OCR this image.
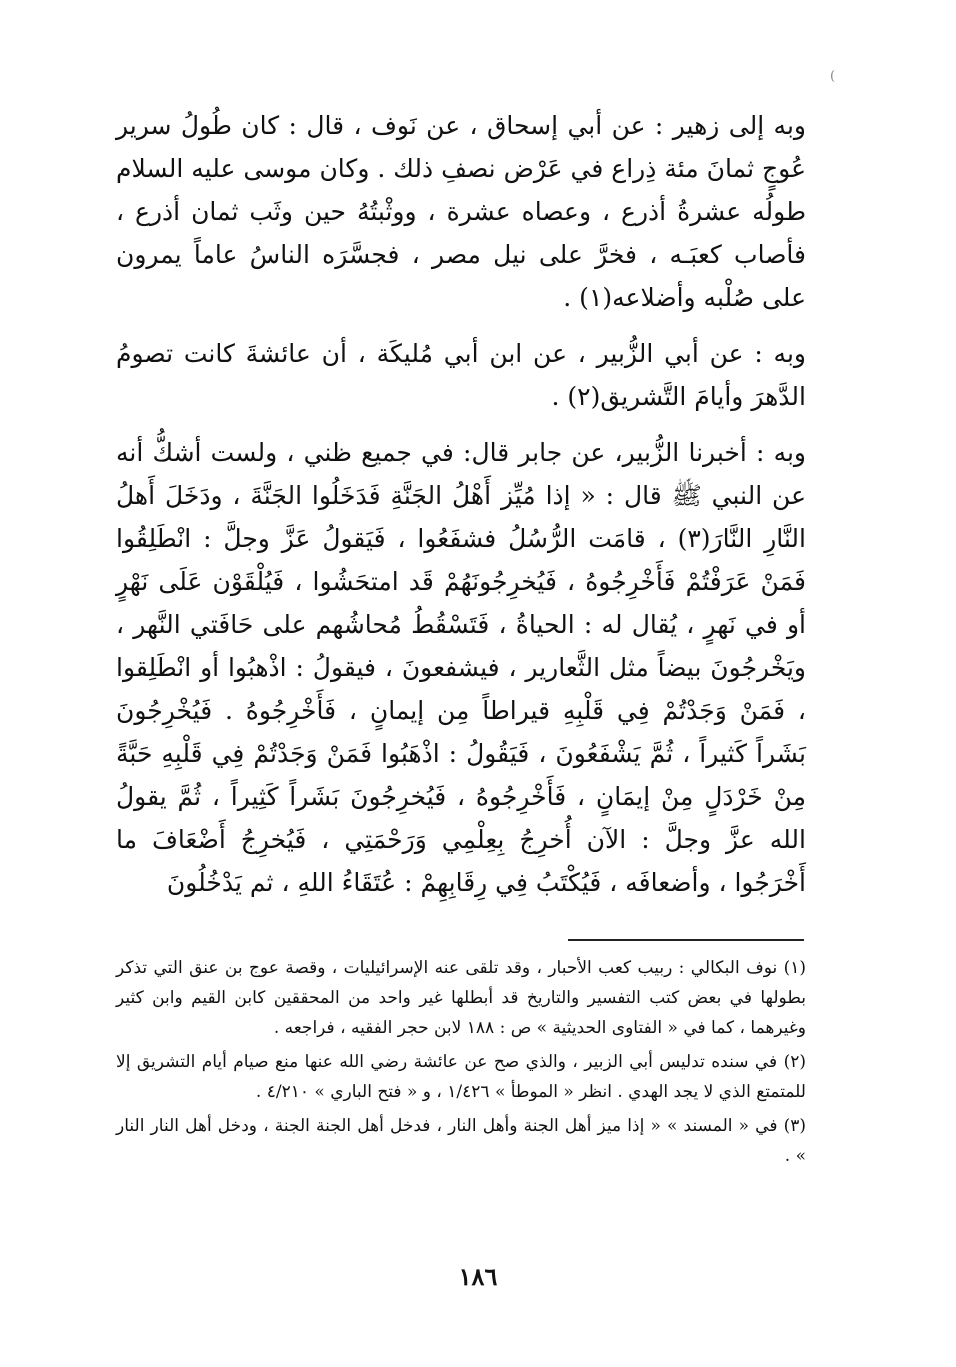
(

وبه إلى زهير : عن أبي إسحاق ، عن نَوف ، قال : كان طُولُ سرير عُوجٍ ثمانَ مئة ذِراع في عَرْض نصفِ ذلك . وكان موسى عليه السلام طولُه عشرةُ أذرع ، وعصاه عشرة ، ووثْبتُهُ حين وثَب ثمان أذرع ، فأصاب كعبَـه ، فخرَّ على نيل مصر ، فجسَّرَه الناسُ عاماً يمرون على صُلْبه وأضلاعه(١) .

وبه : عن أبي الزُّبير ، عن ابن أبي مُليكَة ، أن عائشةَ كانت تصومُ الدَّهرَ وأيامَ التَّشريق(٢) .

وبه : أخبرنا الزُّبير، عن جابر قال: في جميع ظني ، ولست أشكُّ أنه عن النبي ﷺ قال : « إذا مُيِّز أَهْلُ الجَنَّةِ فَدَخَلُوا الجَنَّةَ ، ودَخَلَ أَهلُ النَّارِ النَّارَ(٣) ، قامَت الرُّسُلُ فشفَعُوا ، فَيَقولُ عَزَّ وجلَّ : انْطَلِقُوا فَمَنْ عَرَفْتُمْ فَأَخْرِجُوهُ ، فَيُخرِجُونَهُمْ قَد امتحَشُوا ، فَيُلْقَوْن عَلَى نَهْرٍ أو في نَهرٍ ، يُقال له : الحياةُ ، فَتَسْقُطُ مُحاشُهم على حَافَتي النَّهر ، ويَخْرجُونَ بيضاً مثل الثَّعارير ، فيشفعونَ ، فيقولُ : اذْهبُوا أو انْطَلِقوا ، فَمَنْ وَجَدْتُمْ فِي قَلْبِهِ قيراطاً مِن إيمانٍ ، فَأَخْرِجُوهُ . فَيُخْرِجُونَ بَشَراً كَثيراً ، ثُمَّ يَشْفَعُونَ ، فَيَقُولُ : اذْهَبُوا فَمَنْ وَجَدْتُمْ فِي قَلْبِهِ حَبَّةً مِنْ خَرْدَلٍ مِنْ إيمَانٍ ، فَأَخْرِجُوهُ ، فَيُخرِجُونَ بَشَراً كَثِيراً ، ثُمَّ يقولُ الله عزَّ وجلَّ : الآن أُخرِجُ بِعِلْمِي وَرَحْمَتِي ، فَيُخرِجُ أَضْعَافَ ما أَخْرَجُوا ، وأضعافَه ، فَيُكْتَبُ فِي رِقَابِهِمْ : عُتَقَاءُ اللهِ ، ثم يَدْخُلُونَ

(١) نوف البكالي : ربيب كعب الأحبار ، وقد تلقى عنه الإسرائيليات ، وقصة عوج بن عنق التي تذكر بطولها في بعض كتب التفسير والتاريخ قد أبطلها غير واحد من المحققين كابن القيم وابن كثير وغيرهما ، كما في « الفتاوى الحديثية » ص : ١٨٨ لابن حجر الفقيه ، فراجعه .

(٢) في سنده تدليس أبي الزبير ، والذي صح عن عائشة رضي الله عنها منع صيام أيام التشريق إلا للمتمتع الذي لا يجد الهدي . انظر « الموطأ » ١/٤٢٦ ، و « فتح الباري » ٤/٢١٠ .

(٣) في « المسند » « إذا ميز أهل الجنة وأهل النار ، فدخل أهل الجنة الجنة ، ودخل أهل النار النار » .

١٨٦
